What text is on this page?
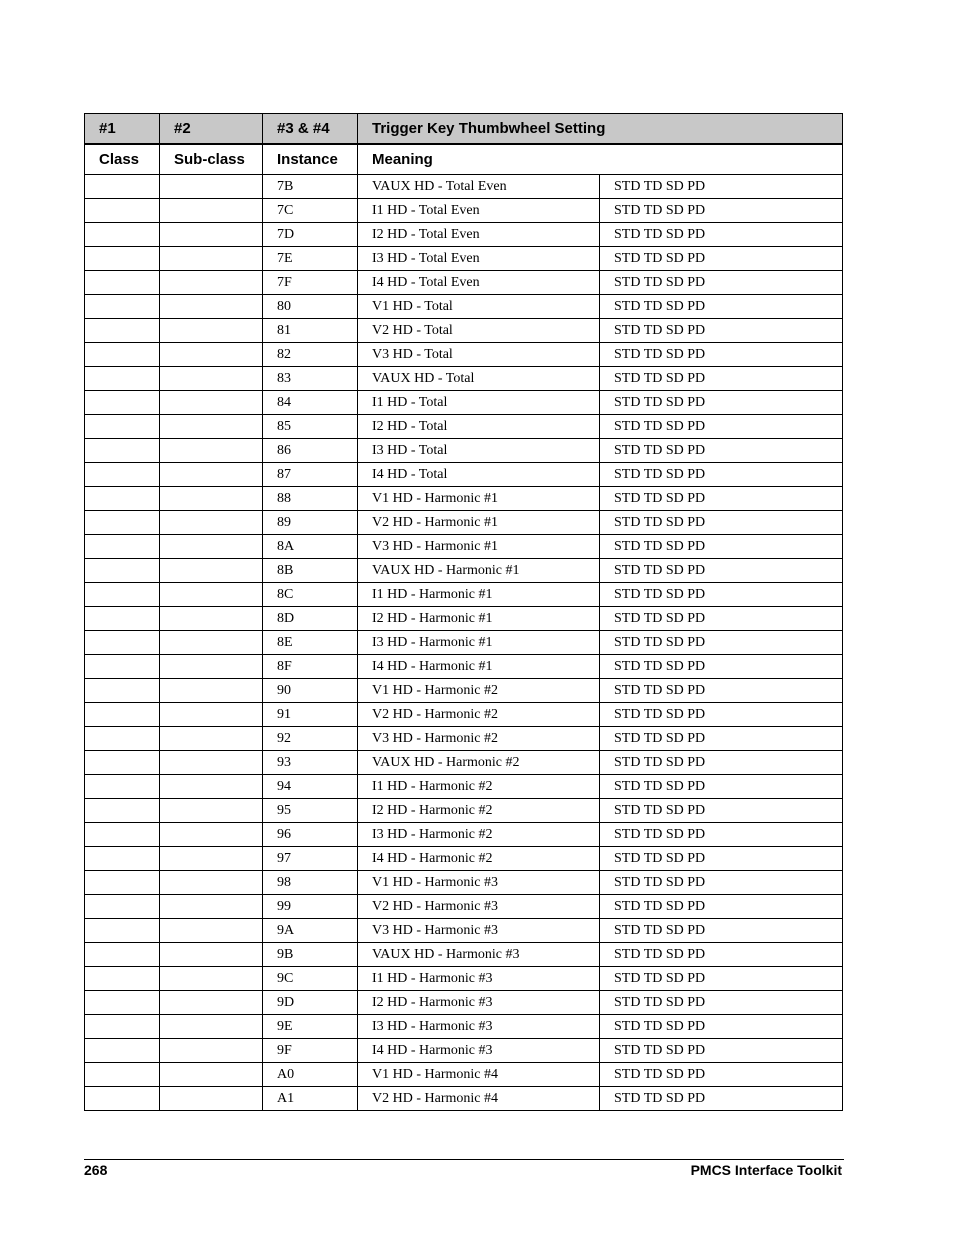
#1	#2	#3 & #4	Trigger Key Thumbwheel Setting	
Class	Sub-class	Instance	Meaning	
		7B	VAUX HD - Total Even	STD TD SD PD
		7C	I1 HD - Total Even	STD TD SD PD
		7D	I2 HD - Total Even	STD TD SD PD
		7E	I3 HD - Total Even	STD TD SD PD
		7F	I4 HD - Total Even	STD TD SD PD
		80	V1 HD - Total	STD TD SD PD
		81	V2 HD - Total	STD TD SD PD
		82	V3 HD - Total	STD TD SD PD
		83	VAUX HD - Total	STD TD SD PD
		84	I1 HD - Total	STD TD SD PD
		85	I2 HD - Total	STD TD SD PD
		86	I3 HD - Total	STD TD SD PD
		87	I4 HD - Total	STD TD SD PD
		88	V1 HD - Harmonic #1	STD TD SD PD
		89	V2 HD - Harmonic #1	STD TD SD PD
		8A	V3 HD - Harmonic #1	STD TD SD PD
		8B	VAUX HD - Harmonic #1	STD TD SD PD
		8C	I1 HD - Harmonic #1	STD TD SD PD
		8D	I2 HD - Harmonic #1	STD TD SD PD
		8E	I3 HD - Harmonic #1	STD TD SD PD
		8F	I4 HD - Harmonic #1	STD TD SD PD
		90	V1 HD - Harmonic #2	STD TD SD PD
		91	V2 HD - Harmonic #2	STD TD SD PD
		92	V3 HD - Harmonic #2	STD TD SD PD
		93	VAUX HD - Harmonic #2	STD TD SD PD
		94	I1 HD - Harmonic #2	STD TD SD PD
		95	I2 HD - Harmonic #2	STD TD SD PD
		96	I3 HD - Harmonic #2	STD TD SD PD
		97	I4 HD - Harmonic #2	STD TD SD PD
		98	V1 HD - Harmonic #3	STD TD SD PD
		99	V2 HD - Harmonic #3	STD TD SD PD
		9A	V3 HD - Harmonic #3	STD TD SD PD
		9B	VAUX HD - Harmonic #3	STD TD SD PD
		9C	I1 HD - Harmonic #3	STD TD SD PD
		9D	I2 HD - Harmonic #3	STD TD SD PD
		9E	I3 HD - Harmonic #3	STD TD SD PD
		9F	I4 HD - Harmonic #3	STD TD SD PD
		A0	V1 HD - Harmonic #4	STD TD SD PD
		A1	V2 HD - Harmonic #4	STD TD SD PD
268	PMCS Interface Toolkit
